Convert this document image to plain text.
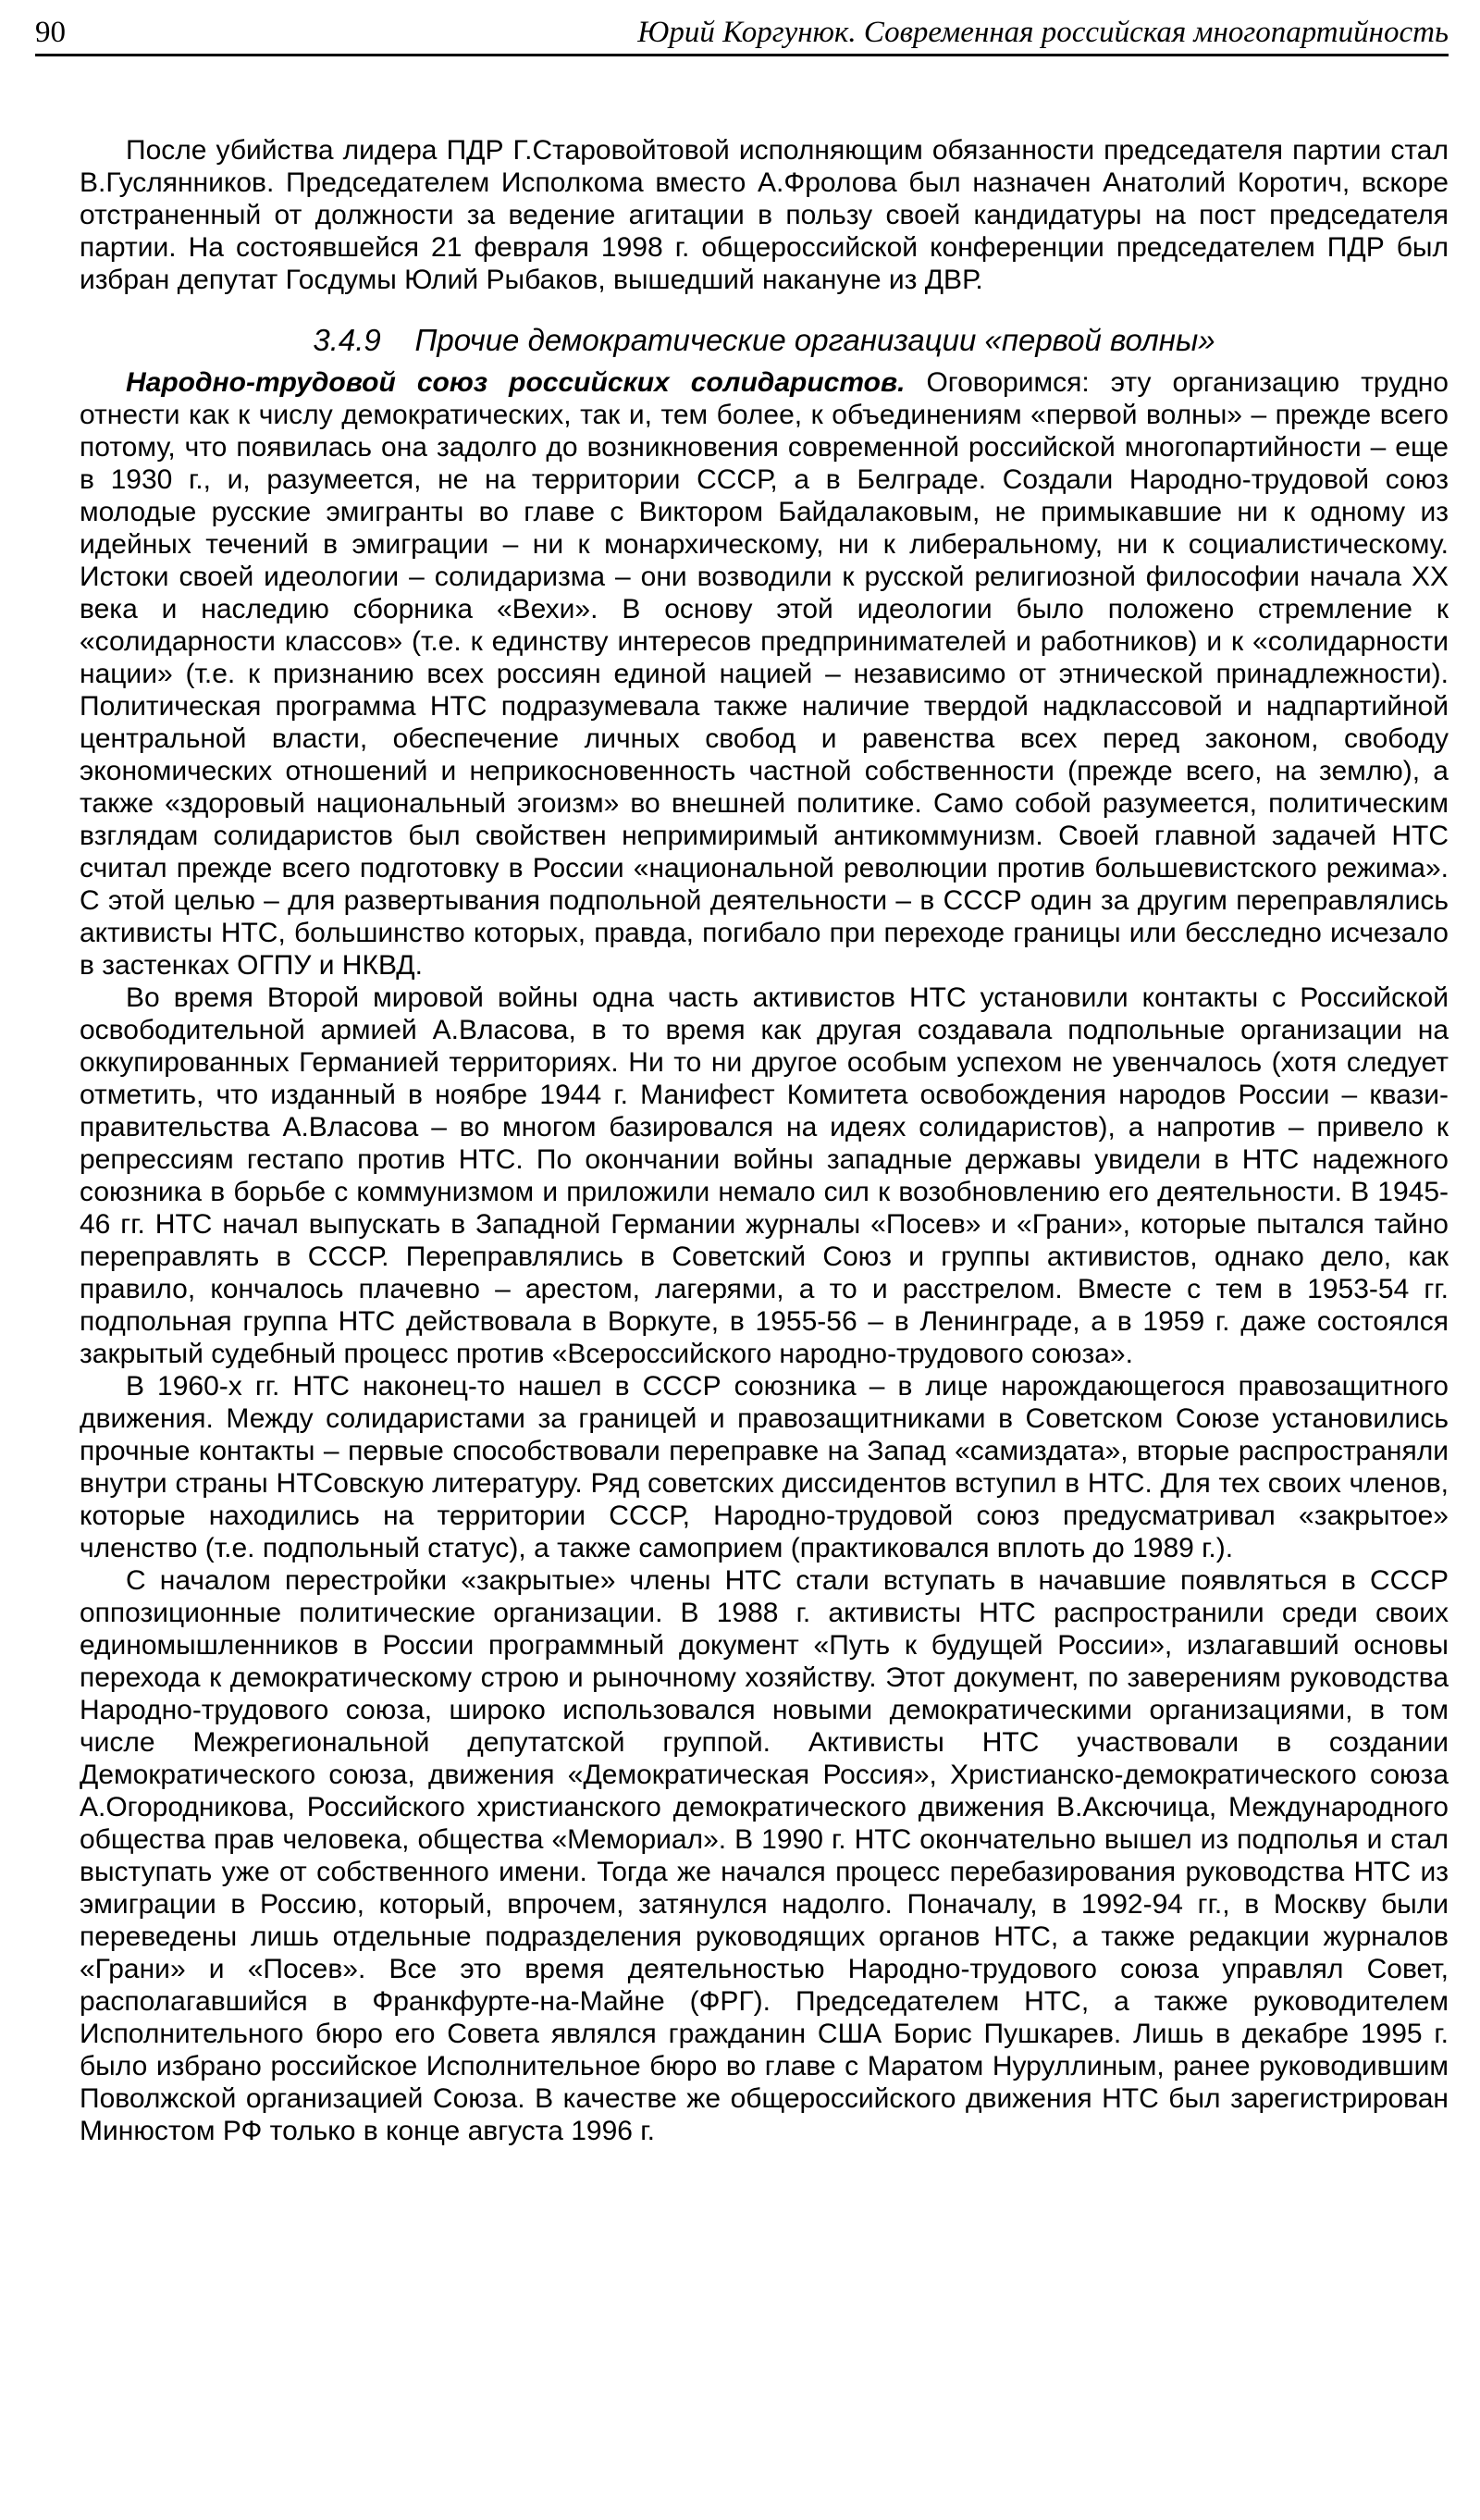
90	Юрий Коргунюк. Современная российская многопартийность

После убийства лидера ПДР Г.Старовойтовой исполняющим обязанности председателя партии стал В.Гуслянников. Председателем Исполкома вместо А.Фролова был назначен Анатолий Коротич, вскоре отстраненный от должности за ведение агитации в пользу своей кандидатуры на пост председателя партии. На состоявшейся 21 февраля 1998 г. общероссийской конференции председателем ПДР был избран депутат Госдумы Юлий Рыбаков, вышедший накануне из ДВР.

3.4.9 Прочие демократические организации «первой волны»

Народно-трудовой союз российских солидаристов. Оговоримся: эту организацию трудно отнести как к числу демократических, так и, тем более, к объединениям «первой волны» – прежде всего потому, что появилась она задолго до возникновения современной российской многопартийности – еще в 1930 г., и, разумеется, не на территории СССР, а в Белграде. Создали Народно-трудовой союз молодые русские эмигранты во главе с Виктором Байдалаковым, не примыкавшие ни к одному из идейных течений в эмиграции – ни к монархическому, ни к либеральному, ни к социалистическому. Истоки своей идеологии – солидаризма – они возводили к русской религиозной философии начала XX века и наследию сборника «Вехи». В основу этой идеологии было положено стремление к «солидарности классов» (т.е. к единству интересов предпринимателей и работников) и к «солидарности нации» (т.е. к признанию всех россиян единой нацией – независимо от этнической принадлежности). Политическая программа НТС подразумевала также наличие твердой надклассовой и надпартийной центральной власти, обеспечение личных свобод и равенства всех перед законом, свободу экономических отношений и неприкосновенность частной собственности (прежде всего, на землю), а также «здоровый национальный эгоизм» во внешней политике. Само собой разумеется, политическим взглядам солидаристов был свойствен непримиримый антикоммунизм. Своей главной задачей НТС считал прежде всего подготовку в России «национальной революции против большевистского режима». С этой целью – для развертывания подпольной деятельности – в СССР один за другим переправлялись активисты НТС, большинство которых, правда, погибало при переходе границы или бесследно исчезало в застенках ОГПУ и НКВД.

Во время Второй мировой войны одна часть активистов НТС установили контакты с Российской освободительной армией А.Власова, в то время как другая создавала подпольные организации на оккупированных Германией территориях. Ни то ни другое особым успехом не увенчалось (хотя следует отметить, что изданный в ноябре 1944 г. Манифест Комитета освобождения народов России – квази-правительства А.Власова – во многом базировался на идеях солидаристов), а напротив – привело к репрессиям гестапо против НТС. По окончании войны западные державы увидели в НТС надежного союзника в борьбе с коммунизмом и приложили немало сил к возобновлению его деятельности. В 1945-46 гг. НТС начал выпускать в Западной Германии журналы «Посев» и «Грани», которые пытался тайно переправлять в СССР. Переправлялись в Советский Союз и группы активистов, однако дело, как правило, кончалось плачевно – арестом, лагерями, а то и расстрелом. Вместе с тем в 1953-54 гг. подпольная группа НТС действовала в Воркуте, в 1955-56 – в Ленинграде, а в 1959 г. даже состоялся закрытый судебный процесс против «Всероссийского народно-трудового союза».

В 1960-х гг. НТС наконец-то нашел в СССР союзника – в лице нарождающегося правозащитного движения. Между солидаристами за границей и правозащитниками в Советском Союзе установились прочные контакты – первые способствовали переправке на Запад «самиздата», вторые распространяли внутри страны НТСовскую литературу. Ряд советских диссидентов вступил в НТС. Для тех своих членов, которые находились на территории СССР, Народно-трудовой союз предусматривал «закрытое» членство (т.е. подпольный статус), а также самоприем (практиковался вплоть до 1989 г.).

С началом перестройки «закрытые» члены НТС стали вступать в начавшие появляться в СССР оппозиционные политические организации. В 1988 г. активисты НТС распространили среди своих единомышленников в России программный документ «Путь к будущей России», излагавший основы перехода к демократическому строю и рыночному хозяйству. Этот документ, по заверениям руководства Народно-трудового союза, широко использовался новыми демократическими организациями, в том числе Межрегиональной депутатской группой. Активисты НТС участвовали в создании Демократического союза, движения «Демократическая Россия», Христианско-демократического союза А.Огородникова, Российского христианского демократического движения В.Аксючица, Международного общества прав человека, общества «Мемориал». В 1990 г. НТС окончательно вышел из подполья и стал выступать уже от собственного имени. Тогда же начался процесс перебазирования руководства НТС из эмиграции в Россию, который, впрочем, затянулся надолго. Поначалу, в 1992-94 гг., в Москву были переведены лишь отдельные подразделения руководящих органов НТС, а также редакции журналов «Грани» и «Посев». Все это время деятельностью Народно-трудового союза управлял Совет, располагавшийся в Франкфурте-на-Майне (ФРГ). Председателем НТС, а также руководителем Исполнительного бюро его Совета являлся гражданин США Борис Пушкарев. Лишь в декабре 1995 г. было избрано российское Исполнительное бюро во главе с Маратом Нуруллиным, ранее руководившим Поволжской организацией Союза. В качестве же общероссийского движения НТС был зарегистрирован Минюстом РФ только в конце августа 1996 г.
